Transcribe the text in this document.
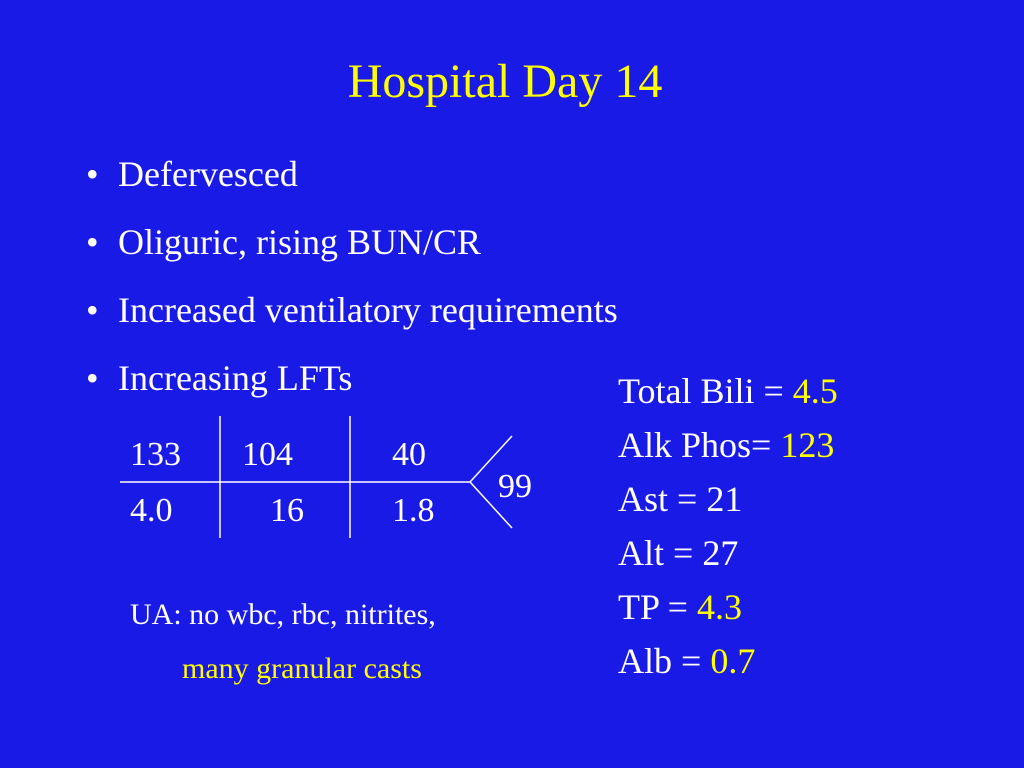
Hospital Day 14
• Defervesced
• Oliguric, rising BUN/CR
• Increased ventilatory requirements
• Increasing LFTs
133 104	40
4.0	16	1.8
99
UA: no wbc, rbc, nitrites,
many granular casts
Total Bili = 4.5
Alk Phos= 123
Ast = 21
Alt = 27
TP = 4.3
Alb = 0.7
